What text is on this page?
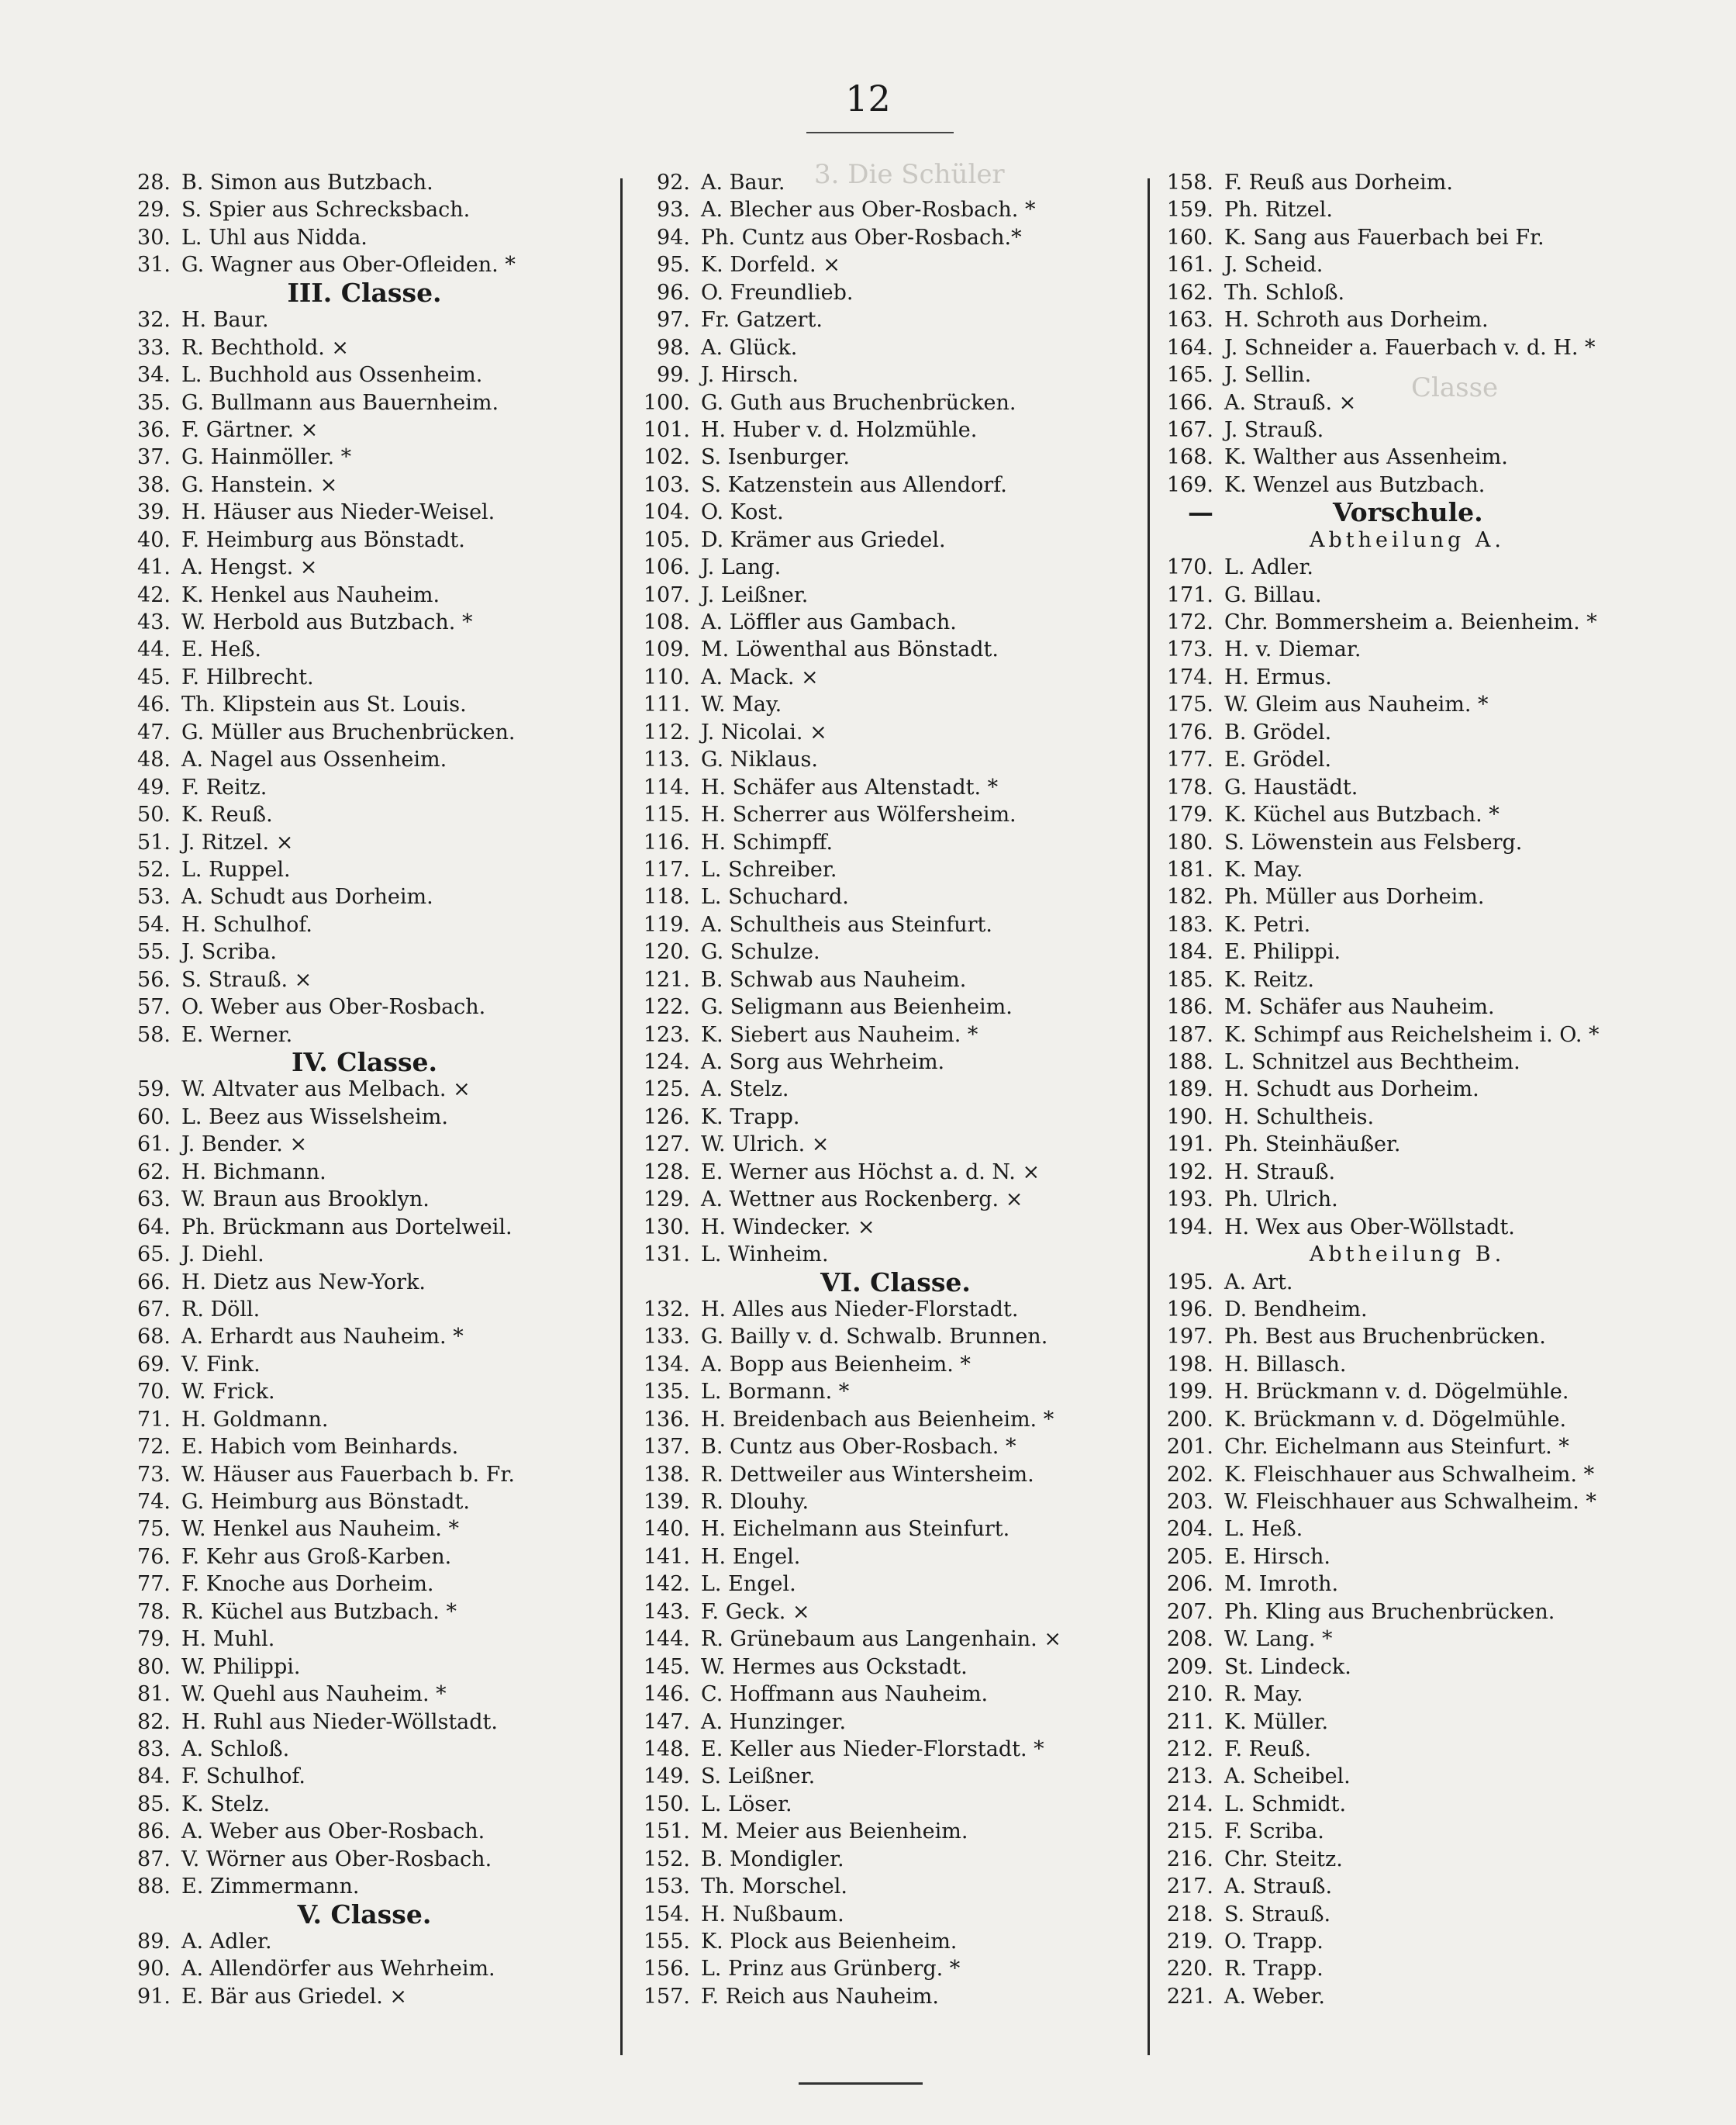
3. Die Schüler
Classe
12
28. B. Simon aus Butzbach.
29. S. Spier aus Schrecksbach.
30. L. Uhl aus Nidda.
31. G. Wagner aus Ober-Ofleiden. *
III. Classe.
32. H. Baur.
33. R. Bechthold. ×
34. L. Buchhold aus Ossenheim.
35. G. Bullmann aus Bauernheim.
36. F. Gärtner. ×
37. G. Hainmöller. *
38. G. Hanstein. ×
39. H. Häuser aus Nieder-Weisel.
40. F. Heimburg aus Bönstadt.
41. A. Hengst. ×
42. K. Henkel aus Nauheim.
43. W. Herbold aus Butzbach. *
44. E. Heß.
45. F. Hilbrecht.
46. Th. Klipstein aus St. Louis.
47. G. Müller aus Bruchenbrücken.
48. A. Nagel aus Ossenheim.
49. F. Reitz.
50. K. Reuß.
51. J. Ritzel. ×
52. L. Ruppel.
53. A. Schudt aus Dorheim.
54. H. Schulhof.
55. J. Scriba.
56. S. Strauß. ×
57. O. Weber aus Ober-Rosbach.
58. E. Werner.
IV. Classe.
59. W. Altvater aus Melbach. ×
60. L. Beez aus Wisselsheim.
61. J. Bender. ×
62. H. Bichmann.
63. W. Braun aus Brooklyn.
64. Ph. Brückmann aus Dortelweil.
65. J. Diehl.
66. H. Dietz aus New-York.
67. R. Döll.
68. A. Erhardt aus Nauheim. *
69. V. Fink.
70. W. Frick.
71. H. Goldmann.
72. E. Habich vom Beinhards.
73. W. Häuser aus Fauerbach b. Fr.
74. G. Heimburg aus Bönstadt.
75. W. Henkel aus Nauheim. *
76. F. Kehr aus Groß-Karben.
77. F. Knoche aus Dorheim.
78. R. Küchel aus Butzbach. *
79. H. Muhl.
80. W. Philippi.
81. W. Quehl aus Nauheim. *
82. H. Ruhl aus Nieder-Wöllstadt.
83. A. Schloß.
84. F. Schulhof.
85. K. Stelz.
86. A. Weber aus Ober-Rosbach.
87. V. Wörner aus Ober-Rosbach.
88. E. Zimmermann.
V. Classe.
89. A. Adler.
90. A. Allendörfer aus Wehrheim.
91. E. Bär aus Griedel. ×
92. A. Baur.
93. A. Blecher aus Ober-Rosbach. *
94. Ph. Cuntz aus Ober-Rosbach.*
95. K. Dorfeld. ×
96. O. Freundlieb.
97. Fr. Gatzert.
98. A. Glück.
99. J. Hirsch.
100. G. Guth aus Bruchenbrücken.
101. H. Huber v. d. Holzmühle.
102. S. Isenburger.
103. S. Katzenstein aus Allendorf.
104. O. Kost.
105. D. Krämer aus Griedel.
106. J. Lang.
107. J. Leißner.
108. A. Löffler aus Gambach.
109. M. Löwenthal aus Bönstadt.
110. A. Mack. ×
111. W. May.
112. J. Nicolai. ×
113. G. Niklaus.
114. H. Schäfer aus Altenstadt. *
115. H. Scherrer aus Wölfersheim.
116. H. Schimpff.
117. L. Schreiber.
118. L. Schuchard.
119. A. Schultheis aus Steinfurt.
120. G. Schulze.
121. B. Schwab aus Nauheim.
122. G. Seligmann aus Beienheim.
123. K. Siebert aus Nauheim. *
124. A. Sorg aus Wehrheim.
125. A. Stelz.
126. K. Trapp.
127. W. Ulrich. ×
128. E. Werner aus Höchst a. d. N. ×
129. A. Wettner aus Rockenberg. ×
130. H. Windecker. ×
131. L. Winheim.
VI. Classe.
132. H. Alles aus Nieder-Florstadt.
133. G. Bailly v. d. Schwalb. Brunnen.
134. A. Bopp aus Beienheim. *
135. L. Bormann. *
136. H. Breidenbach aus Beienheim. *
137. B. Cuntz aus Ober-Rosbach. *
138. R. Dettweiler aus Wintersheim.
139. R. Dlouhy.
140. H. Eichelmann aus Steinfurt.
141. H. Engel.
142. L. Engel.
143. F. Geck. ×
144. R. Grünebaum aus Langenhain. ×
145. W. Hermes aus Ockstadt.
146. C. Hoffmann aus Nauheim.
147. A. Hunzinger.
148. E. Keller aus Nieder-Florstadt. *
149. S. Leißner.
150. L. Löser.
151. M. Meier aus Beienheim.
152. B. Mondigler.
153. Th. Morschel.
154. H. Nußbaum.
155. K. Plock aus Beienheim.
156. L. Prinz aus Grünberg. *
157. F. Reich aus Nauheim.
158. F. Reuß aus Dorheim.
159. Ph. Ritzel.
160. K. Sang aus Fauerbach bei Fr.
161. J. Scheid.
162. Th. Schloß.
163. H. Schroth aus Dorheim.
164. J. Schneider a. Fauerbach v. d. H. *
165. J. Sellin.
166. A. Strauß. ×
167. J. Strauß.
168. K. Walther aus Assenheim.
169. K. Wenzel aus Butzbach.
—	Vorschule.
Abtheilung A.
170. L. Adler.
171. G. Billau.
172. Chr. Bommersheim a. Beienheim. *
173. H. v. Diemar.
174. H. Ermus.
175. W. Gleim aus Nauheim. *
176. B. Grödel.
177. E. Grödel.
178. G. Haustädt.
179. K. Küchel aus Butzbach. *
180. S. Löwenstein aus Felsberg.
181. K. May.
182. Ph. Müller aus Dorheim.
183. K. Petri.
184. E. Philippi.
185. K. Reitz.
186. M. Schäfer aus Nauheim.
187. K. Schimpf aus Reichelsheim i. O. *
188. L. Schnitzel aus Bechtheim.
189. H. Schudt aus Dorheim.
190. H. Schultheis.
191. Ph. Steinhäußer.
192. H. Strauß.
193. Ph. Ulrich.
194. H. Wex aus Ober-Wöllstadt.
Abtheilung B.
195. A. Art.
196. D. Bendheim.
197. Ph. Best aus Bruchenbrücken.
198. H. Billasch.
199. H. Brückmann v. d. Dögelmühle.
200. K. Brückmann v. d. Dögelmühle.
201. Chr. Eichelmann aus Steinfurt. *
202. K. Fleischhauer aus Schwalheim. *
203. W. Fleischhauer aus Schwalheim. *
204. L. Heß.
205. E. Hirsch.
206. M. Imroth.
207. Ph. Kling aus Bruchenbrücken.
208. W. Lang. *
209. St. Lindeck.
210. R. May.
211. K. Müller.
212. F. Reuß.
213. A. Scheibel.
214. L. Schmidt.
215. F. Scriba.
216. Chr. Steitz.
217. A. Strauß.
218. S. Strauß.
219. O. Trapp.
220. R. Trapp.
221. A. Weber.
